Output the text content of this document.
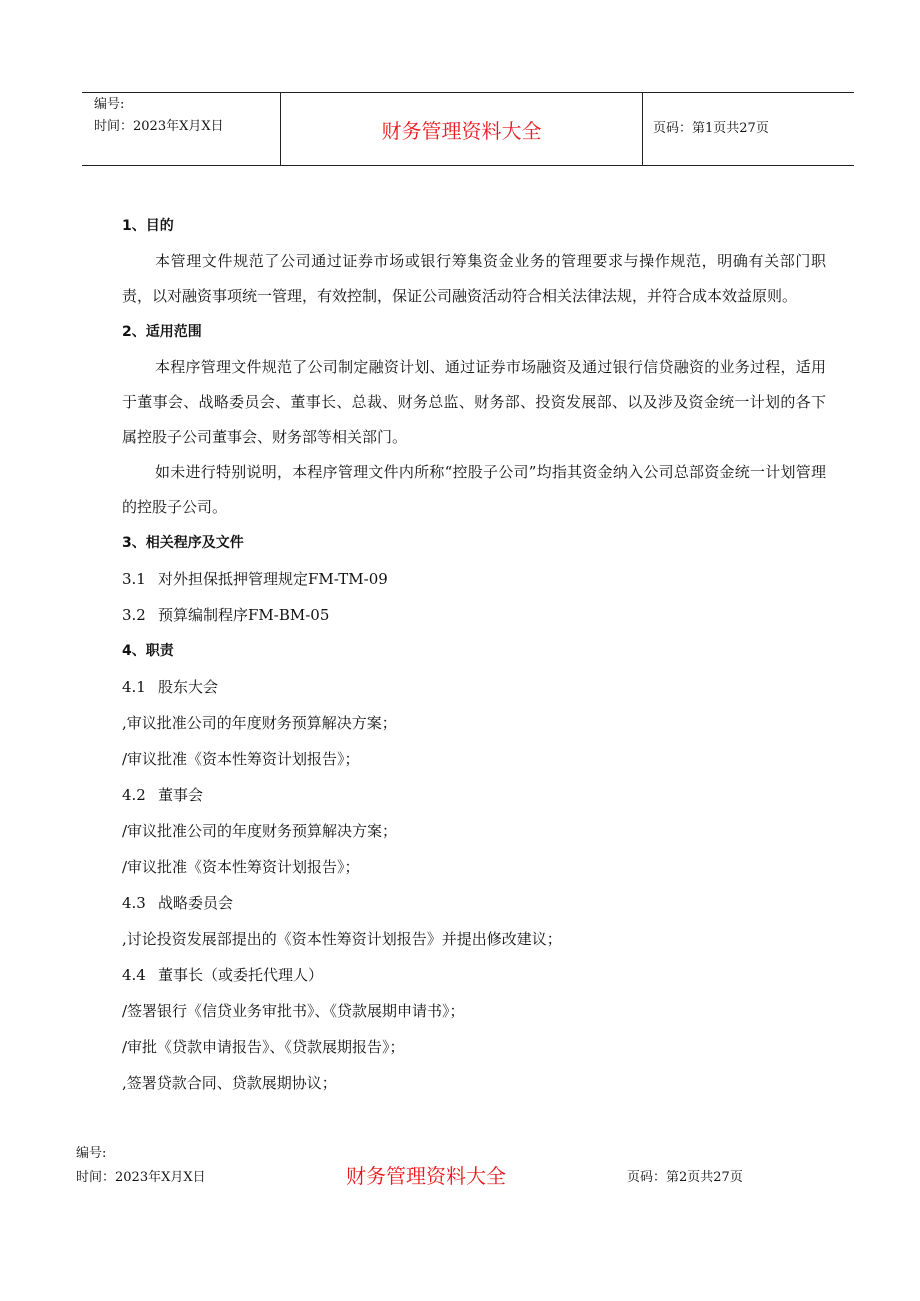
编号:
时间：2023年X月X日	财务管理资料大全	页码：第1页共27页
1、目的

本管理文件规范了公司通过证券市场或银行筹集资金业务的管理要求与操作规范，明确有关部门职责，以对融资事项统一管理，有效控制，保证公司融资活动符合相关法律法规，并符合成本效益原则。

2、适用范围

本程序管理文件规范了公司制定融资计划、通过证券市场融资及通过银行信贷融资的业务过程，适用于董事会、战略委员会、董事长、总裁、财务总监、财务部、投资发展部、以及涉及资金统一计划的各下属控股子公司董事会、财务部等相关部门。

如未进行特别说明，本程序管理文件内所称“控股子公司”均指其资金纳入公司总部资金统一计划管理的控股子公司。

3、相关程序及文件
3.1 对外担保抵押管理规定FM-TM-09
3.2 预算编制程序FM-BM-05
4、职责
4.1 股东大会
,审议批准公司的年度财务预算解决方案；
/审议批准《资本性筹资计划报告》；
4.2 董事会
/审议批准公司的年度财务预算解决方案；
/审议批准《资本性筹资计划报告》；
4.3 战略委员会
,讨论投资发展部提出的《资本性筹资计划报告》并提出修改建议；
4.4 董事长（或委托代理人）
/签署银行《信贷业务审批书》、《贷款展期申请书》；
/审批《贷款申请报告》、《贷款展期报告》；
,签署贷款合同、贷款展期协议；
编号:
时间：2023年X月X日	财务管理资料大全	页码：第2页共27页
